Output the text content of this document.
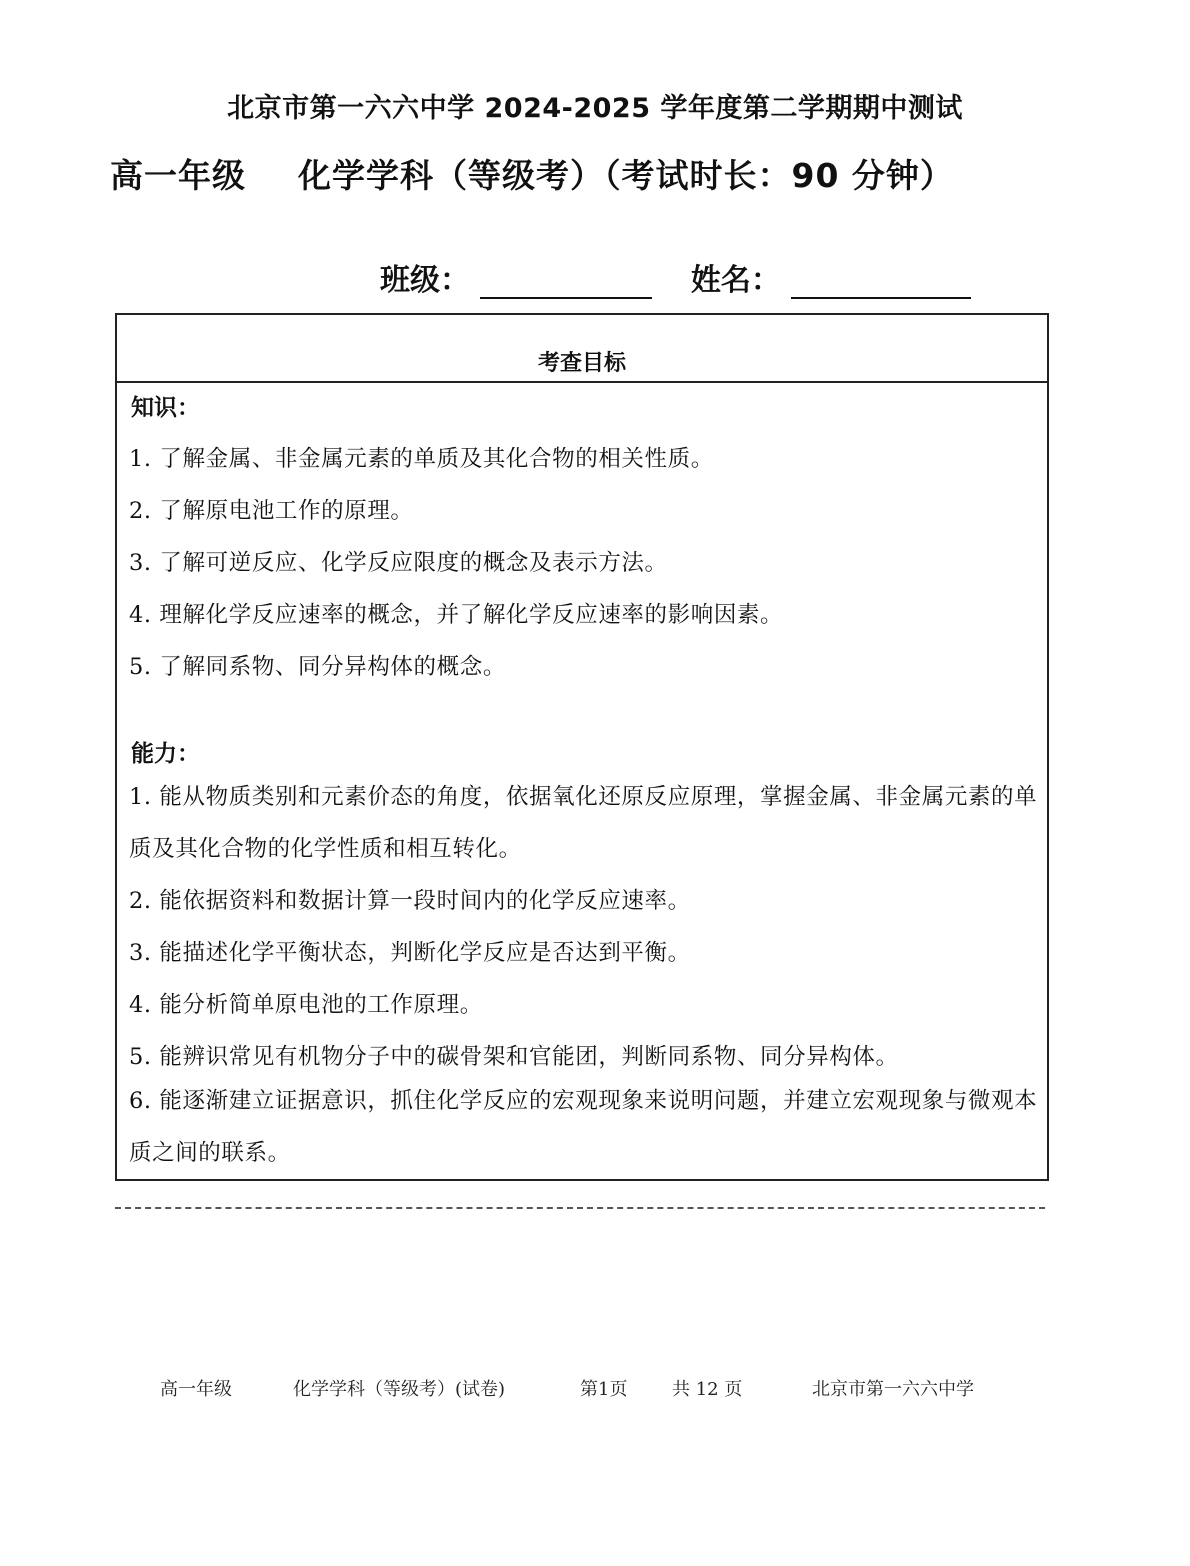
北京市第一六六中学 2024-2025 学年度第二学期期中测试
高一年级 化学学科（等级考）（考试时长：90 分钟）
班级：	姓名：
考查目标
知识：
1. 了解金属、非金属元素的单质及其化合物的相关性质。
2. 了解原电池工作的原理。
3. 了解可逆反应、化学反应限度的概念及表示方法。
4. 理解化学反应速率的概念，并了解化学反应速率的影响因素。
5. 了解同系物、同分异构体的概念。
能力：
1. 能从物质类别和元素价态的角度，依据氧化还原反应原理，掌握金属、非金属元素的单质及其化合物的化学性质和相互转化。
2. 能依据资料和数据计算一段时间内的化学反应速率。
3. 能描述化学平衡状态，判断化学反应是否达到平衡。
4. 能分析简单原电池的工作原理。
5. 能辨识常见有机物分子中的碳骨架和官能团，判断同系物、同分异构体。
6. 能逐渐建立证据意识，抓住化学反应的宏观现象来说明问题，并建立宏观现象与微观本质之间的联系。
高一年级	化学学科（等级考）(试卷)	第1页 共 12 页	北京市第一六六中学
